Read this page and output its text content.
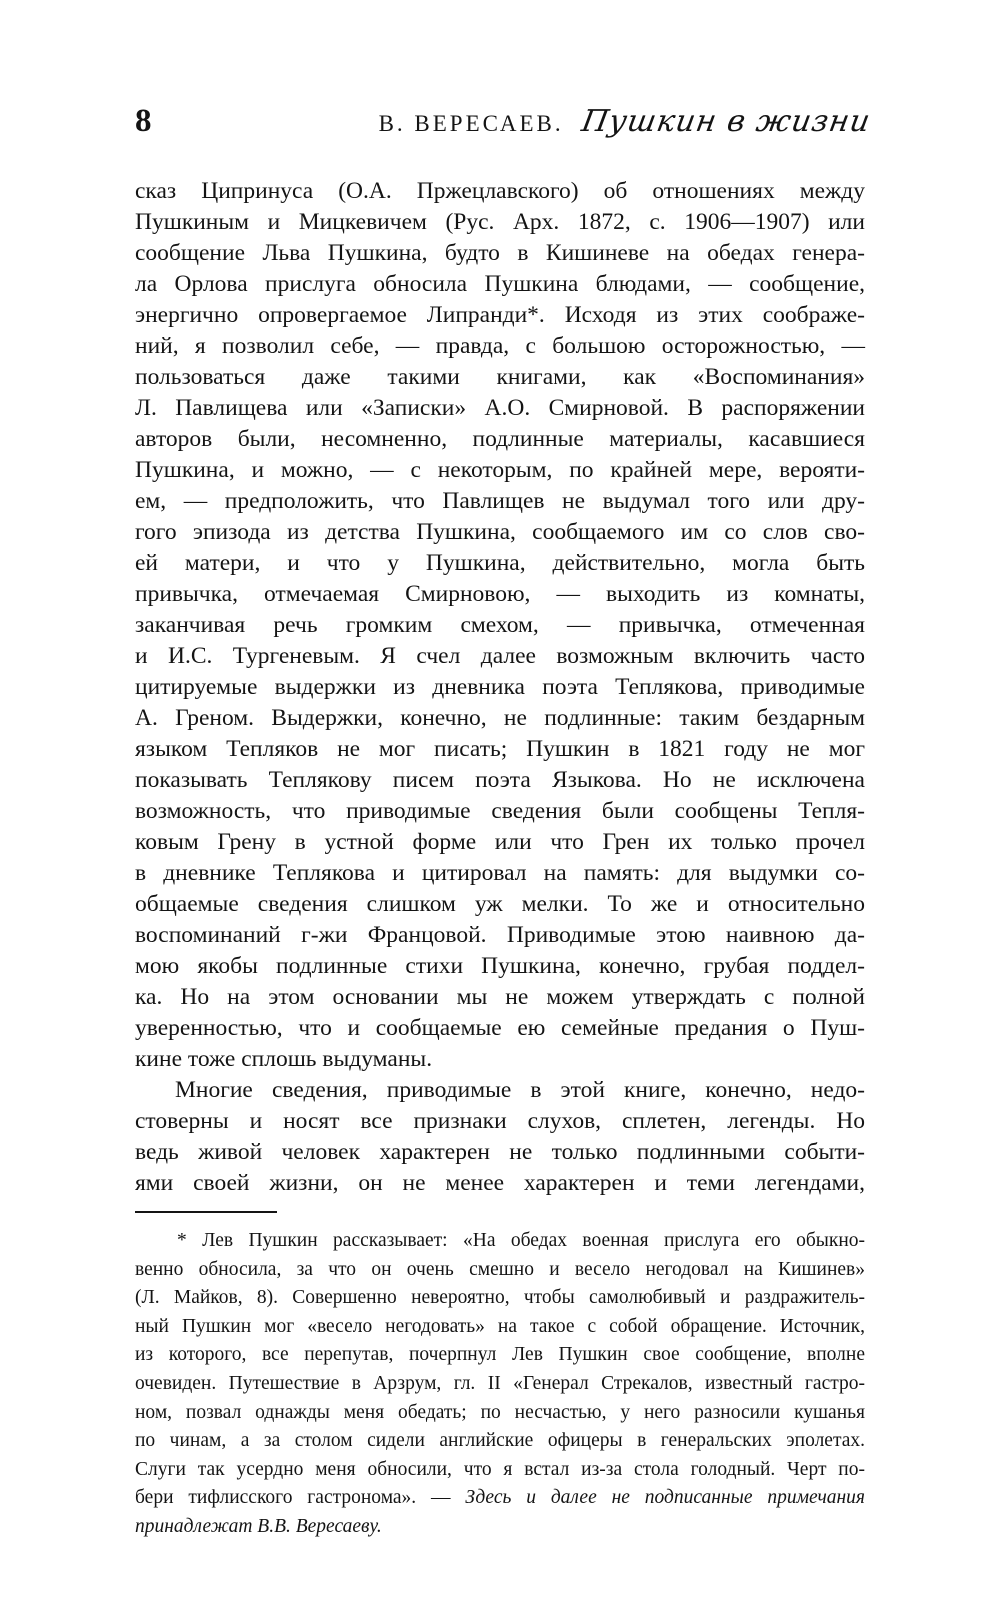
8	В. ВЕРЕСАЕВ. Пушкин в жизни
сказ Ципринуса (О.А. Пржецлавского) об отношениях между
Пушкиным и Мицкевичем (Рус. Арх. 1872, с. 1906—1907) или
сообщение Льва Пушкина, будто в Кишиневе на обедах генера-
ла Орлова прислуга обносила Пушкина блюдами, — сообщение,
энергично опровергаемое Липранди*. Исходя из этих соображе-
ний, я позволил себе, — правда, с большою осторожностью, —
пользоваться даже такими книгами, как «Воспоминания»
Л. Павлищева или «Записки» А.О. Смирновой. В распоряжении
авторов были, несомненно, подлинные материалы, касавшиеся
Пушкина, и можно, — с некоторым, по крайней мере, верояти-
ем, — предположить, что Павлищев не выдумал того или дру-
гого эпизода из детства Пушкина, сообщаемого им со слов сво-
ей матери, и что у Пушкина, действительно, могла быть
привычка, отмечаемая Смирновою, — выходить из комнаты,
заканчивая речь громким смехом, — привычка, отмеченная
и И.С. Тургеневым. Я счел далее возможным включить часто
цитируемые выдержки из дневника поэта Теплякова, приводимые
А. Греном. Выдержки, конечно, не подлинные: таким бездарным
языком Тепляков не мог писать; Пушкин в 1821 году не мог
показывать Теплякову писем поэта Языкова. Но не исключена
возможность, что приводимые сведения были сообщены Тепля-
ковым Грену в устной форме или что Грен их только прочел
в дневнике Теплякова и цитировал на память: для выдумки со-
общаемые сведения слишком уж мелки. То же и относительно
воспоминаний г-жи Францовой. Приводимые этою наивною да-
мою якобы подлинные стихи Пушкина, конечно, грубая поддел-
ка. Но на этом основании мы не можем утверждать с полной
уверенностью, что и сообщаемые ею семейные предания о Пуш-
кине тоже сплошь выдуманы.
Многие сведения, приводимые в этой книге, конечно, недо-
стоверны и носят все признаки слухов, сплетен, легенды. Но
ведь живой человек характерен не только подлинными событи-
ями своей жизни, он не менее характерен и теми легендами,
* Лев Пушкин рассказывает: «На обедах военная прислуга его обыкно-
венно обносила, за что он очень смешно и весело негодовал на Кишинев»
(Л. Майков, 8). Совершенно невероятно, чтобы самолюбивый и раздражитель-
ный Пушкин мог «весело негодовать» на такое с собой обращение. Источник,
из которого, все перепутав, почерпнул Лев Пушкин свое сообщение, вполне
очевиден. Путешествие в Арзрум, гл. II «Генерал Стрекалов, известный гастро-
ном, позвал однажды меня обедать; по несчастью, у него разносили кушанья
по чинам, а за столом сидели английские офицеры в генеральских эполетах.
Слуги так усердно меня обносили, что я встал из-за стола голодный. Черт по-
бери тифлисского гастронома». — Здесь и далее не подписанные примечания
принадлежат В.В. Вересаеву.
